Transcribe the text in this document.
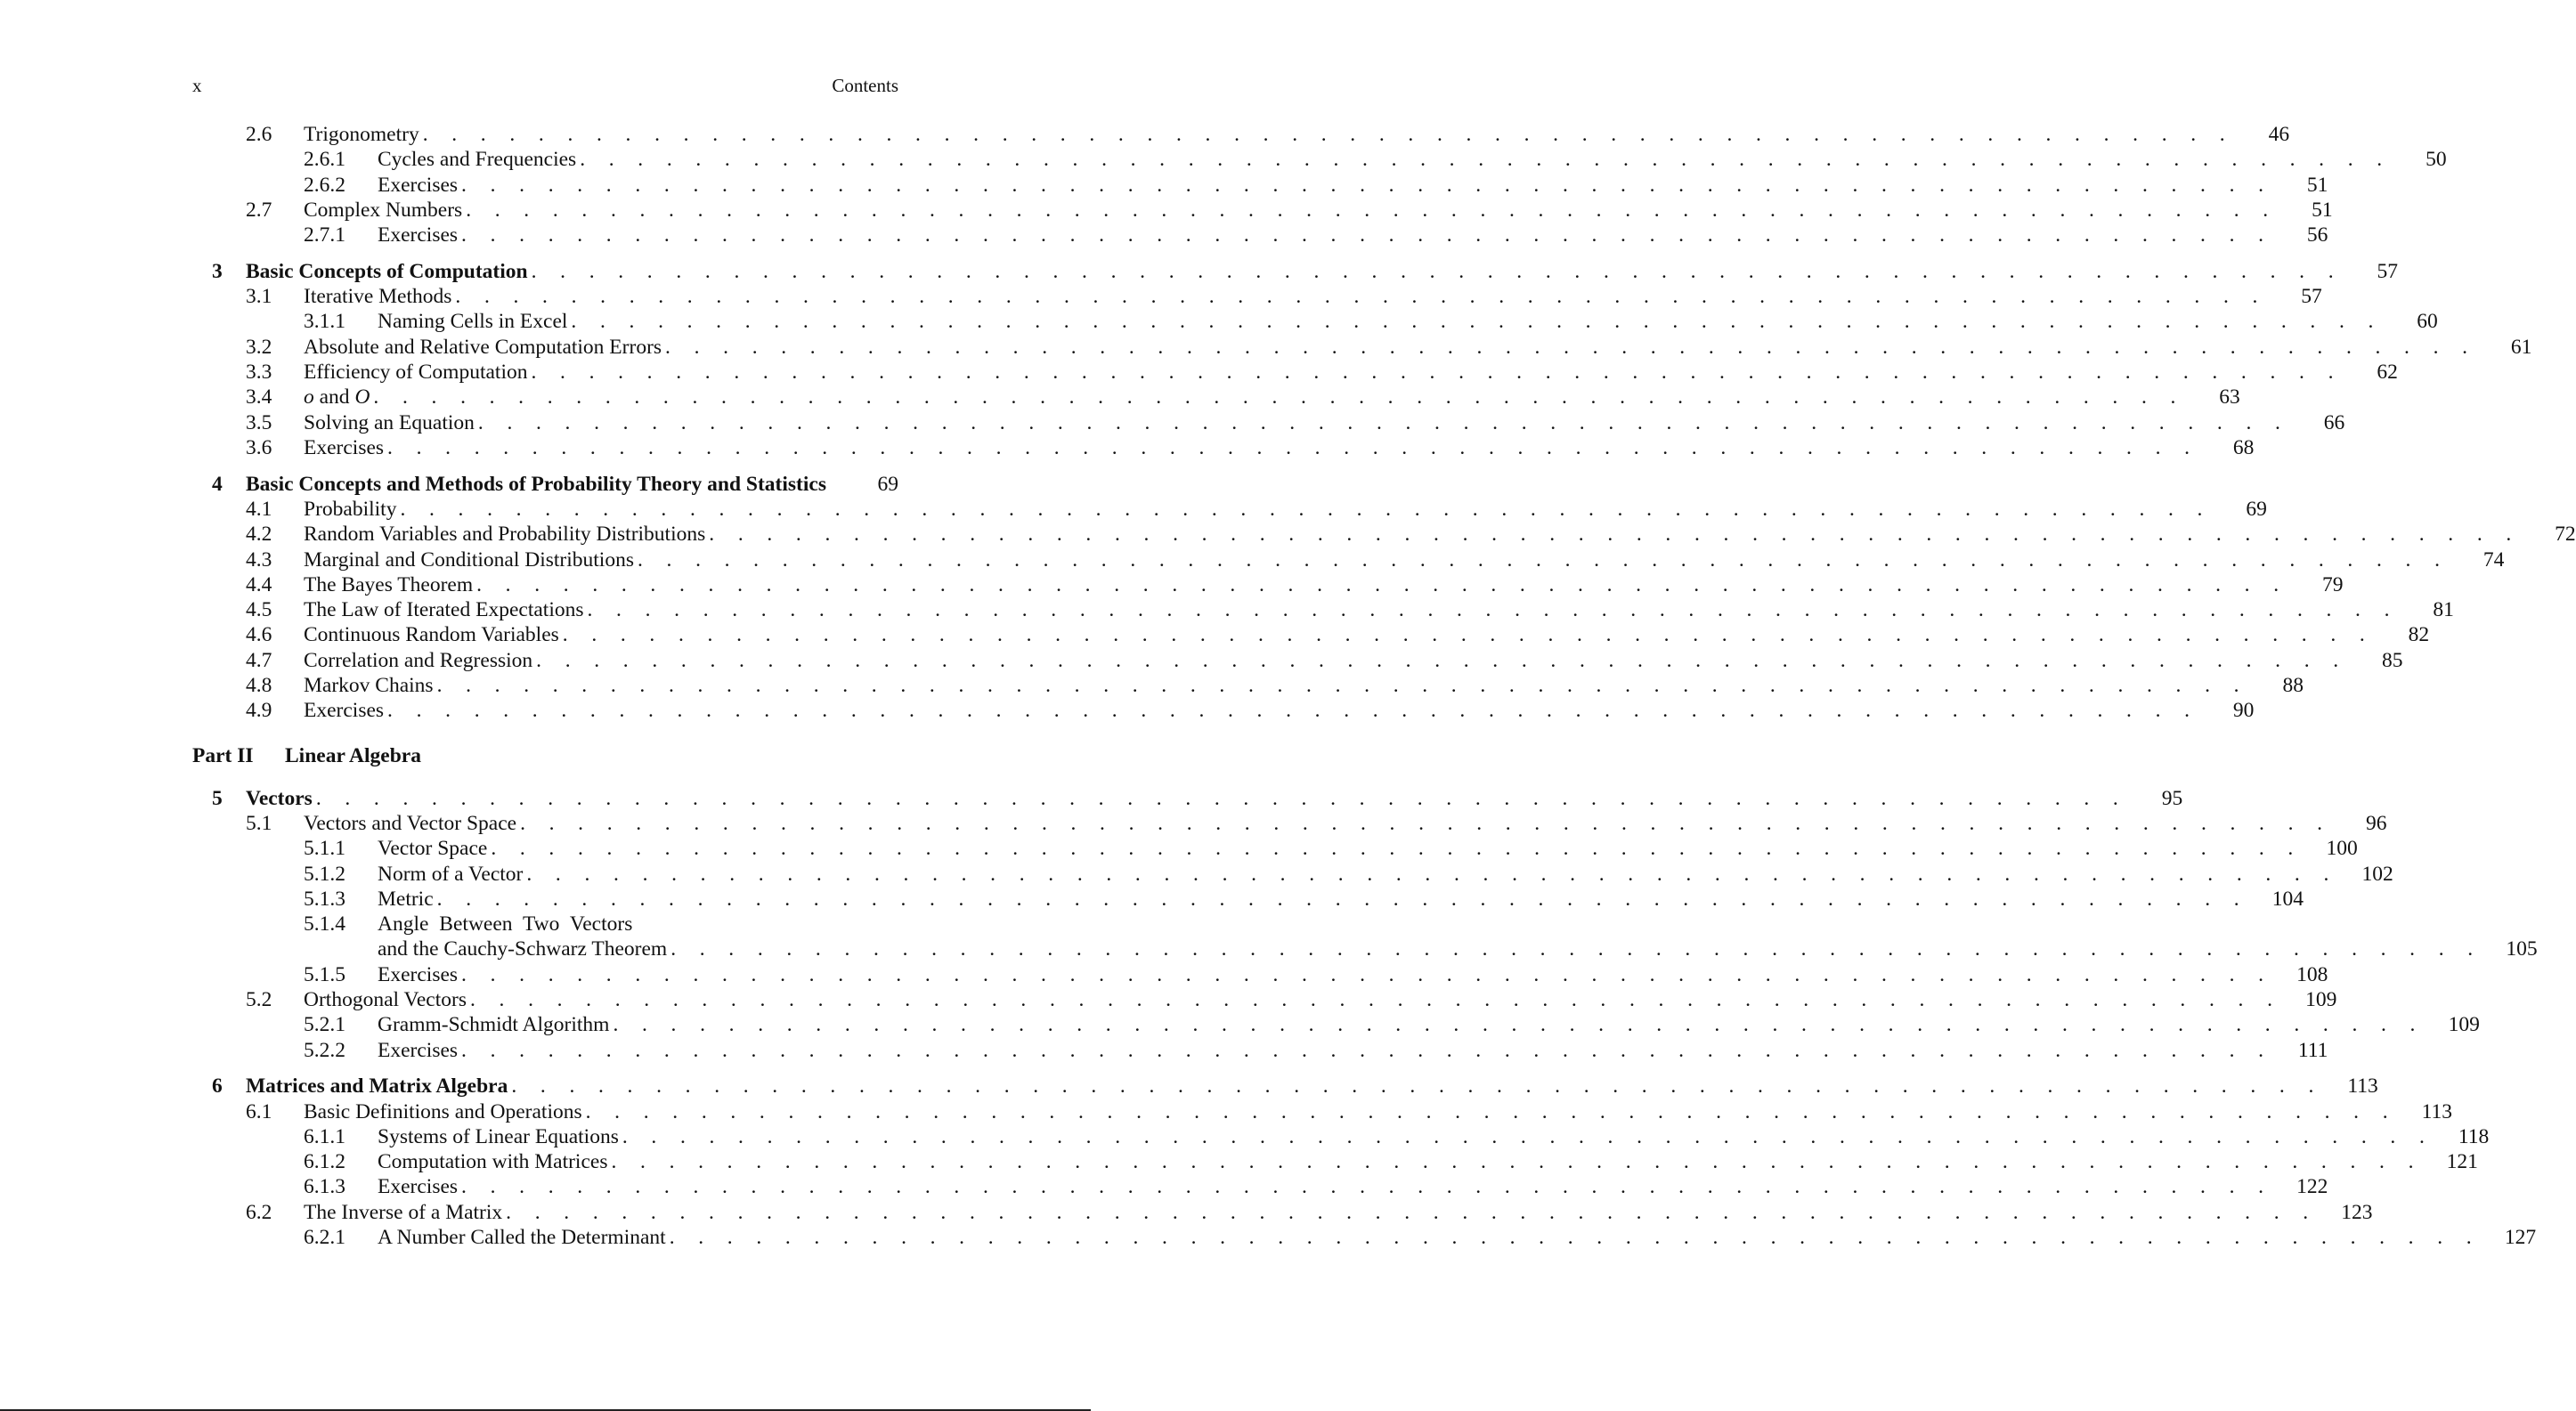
x	Contents
2.6 Trigonometry . . . . . . . . . . . . . . . . . . . . . . . . . . . . . . . . . . . . . . . . . . . . . . . . . . . . . . . . . . . . . . .	46
2.6.1 Cycles and Frequencies . . . . . . . . . . . . . . . . . . . . . . . . . . . . . . . . . . . . . . . . . . . . . . . . . . . . . . . . . . . . . . .	50
2.6.2 Exercises . . . . . . . . . . . . . . . . . . . . . . . . . . . . . . . . . . . . . . . . . . . . . . . . . . . . . . . . . . . . . . .	51
2.7 Complex Numbers . . . . . . . . . . . . . . . . . . . . . . . . . . . . . . . . . . . . . . . . . . . . . . . . . . . . . . . . . . . . . . .	51
2.7.1 Exercises . . . . . . . . . . . . . . . . . . . . . . . . . . . . . . . . . . . . . . . . . . . . . . . . . . . . . . . . . . . . . . .	56
3 Basic Concepts of Computation . . . . . . . . . . . . . . . . . . . . . . . . . . . . . . . . . . . . . . . . . . . . . . . . . . . . . . . . . . . . . . .	57
3.1 Iterative Methods . . . . . . . . . . . . . . . . . . . . . . . . . . . . . . . . . . . . . . . . . . . . . . . . . . . . . . . . . . . . . . .	57
3.1.1 Naming Cells in Excel . . . . . . . . . . . . . . . . . . . . . . . . . . . . . . . . . . . . . . . . . . . . . . . . . . . . . . . . . . . . . . .	60
3.2 Absolute and Relative Computation Errors . . . . . . . . . . . . . . . . . . . . . . . . . . . . . . . . . . . . . . . . . . . . . . . . . . . . . . . . . . . . . . .	61
3.3 Efficiency of Computation . . . . . . . . . . . . . . . . . . . . . . . . . . . . . . . . . . . . . . . . . . . . . . . . . . . . . . . . . . . . . . .	62
3.4 o and O . . . . . . . . . . . . . . . . . . . . . . . . . . . . . . . . . . . . . . . . . . . . . . . . . . . . . . . . . . . . . . .	63
3.5 Solving an Equation . . . . . . . . . . . . . . . . . . . . . . . . . . . . . . . . . . . . . . . . . . . . . . . . . . . . . . . . . . . . . . .	66
3.6 Exercises . . . . . . . . . . . . . . . . . . . . . . . . . . . . . . . . . . . . . . . . . . . . . . . . . . . . . . . . . . . . . . .	68
4 Basic Concepts and Methods of Probability Theory and Statistics	69
4.1 Probability . . . . . . . . . . . . . . . . . . . . . . . . . . . . . . . . . . . . . . . . . . . . . . . . . . . . . . . . . . . . . . .	69
4.2 Random Variables and Probability Distributions . . . . . . . . . . . . . . . . . . . . . . . . . . . . . . . . . . . . . . . . . . . . . . . . . . . . . . . . . . . . . . .	72
4.3 Marginal and Conditional Distributions . . . . . . . . . . . . . . . . . . . . . . . . . . . . . . . . . . . . . . . . . . . . . . . . . . . . . . . . . . . . . . .	74
4.4 The Bayes Theorem . . . . . . . . . . . . . . . . . . . . . . . . . . . . . . . . . . . . . . . . . . . . . . . . . . . . . . . . . . . . . . .	79
4.5 The Law of Iterated Expectations . . . . . . . . . . . . . . . . . . . . . . . . . . . . . . . . . . . . . . . . . . . . . . . . . . . . . . . . . . . . . . .	81
4.6 Continuous Random Variables . . . . . . . . . . . . . . . . . . . . . . . . . . . . . . . . . . . . . . . . . . . . . . . . . . . . . . . . . . . . . . .	82
4.7 Correlation and Regression . . . . . . . . . . . . . . . . . . . . . . . . . . . . . . . . . . . . . . . . . . . . . . . . . . . . . . . . . . . . . . .	85
4.8 Markov Chains . . . . . . . . . . . . . . . . . . . . . . . . . . . . . . . . . . . . . . . . . . . . . . . . . . . . . . . . . . . . . . .	88
4.9 Exercises . . . . . . . . . . . . . . . . . . . . . . . . . . . . . . . . . . . . . . . . . . . . . . . . . . . . . . . . . . . . . . .	90
Part II Linear Algebra
5 Vectors . . . . . . . . . . . . . . . . . . . . . . . . . . . . . . . . . . . . . . . . . . . . . . . . . . . . . . . . . . . . . . .	95
5.1 Vectors and Vector Space . . . . . . . . . . . . . . . . . . . . . . . . . . . . . . . . . . . . . . . . . . . . . . . . . . . . . . . . . . . . . . .	96
5.1.1 Vector Space . . . . . . . . . . . . . . . . . . . . . . . . . . . . . . . . . . . . . . . . . . . . . . . . . . . . . . . . . . . . . . .	100
5.1.2 Norm of a Vector . . . . . . . . . . . . . . . . . . . . . . . . . . . . . . . . . . . . . . . . . . . . . . . . . . . . . . . . . . . . . . .	102
5.1.3 Metric . . . . . . . . . . . . . . . . . . . . . . . . . . . . . . . . . . . . . . . . . . . . . . . . . . . . . . . . . . . . . . .	104
5.1.4 Angle Between Two Vectors
and the Cauchy-Schwarz Theorem . . . . . . . . . . . . . . . . . . . . . . . . . . . . . . . . . . . . . . . . . . . . . . . . . . . . . . . . . . . . . . .	105
5.1.5 Exercises . . . . . . . . . . . . . . . . . . . . . . . . . . . . . . . . . . . . . . . . . . . . . . . . . . . . . . . . . . . . . . .	108
5.2 Orthogonal Vectors . . . . . . . . . . . . . . . . . . . . . . . . . . . . . . . . . . . . . . . . . . . . . . . . . . . . . . . . . . . . . . .	109
5.2.1 Gramm-Schmidt Algorithm . . . . . . . . . . . . . . . . . . . . . . . . . . . . . . . . . . . . . . . . . . . . . . . . . . . . . . . . . . . . . . .	109
5.2.2 Exercises . . . . . . . . . . . . . . . . . . . . . . . . . . . . . . . . . . . . . . . . . . . . . . . . . . . . . . . . . . . . . . .	111
6 Matrices and Matrix Algebra . . . . . . . . . . . . . . . . . . . . . . . . . . . . . . . . . . . . . . . . . . . . . . . . . . . . . . . . . . . . . . .	113
6.1 Basic Definitions and Operations . . . . . . . . . . . . . . . . . . . . . . . . . . . . . . . . . . . . . . . . . . . . . . . . . . . . . . . . . . . . . . .	113
6.1.1 Systems of Linear Equations . . . . . . . . . . . . . . . . . . . . . . . . . . . . . . . . . . . . . . . . . . . . . . . . . . . . . . . . . . . . . . .	118
6.1.2 Computation with Matrices . . . . . . . . . . . . . . . . . . . . . . . . . . . . . . . . . . . . . . . . . . . . . . . . . . . . . . . . . . . . . . .	121
6.1.3 Exercises . . . . . . . . . . . . . . . . . . . . . . . . . . . . . . . . . . . . . . . . . . . . . . . . . . . . . . . . . . . . . . .	122
6.2 The Inverse of a Matrix . . . . . . . . . . . . . . . . . . . . . . . . . . . . . . . . . . . . . . . . . . . . . . . . . . . . . . . . . . . . . . .	123
6.2.1 A Number Called the Determinant . . . . . . . . . . . . . . . . . . . . . . . . . . . . . . . . . . . . . . . . . . . . . . . . . . . . . . . . . . . . . . .	127
